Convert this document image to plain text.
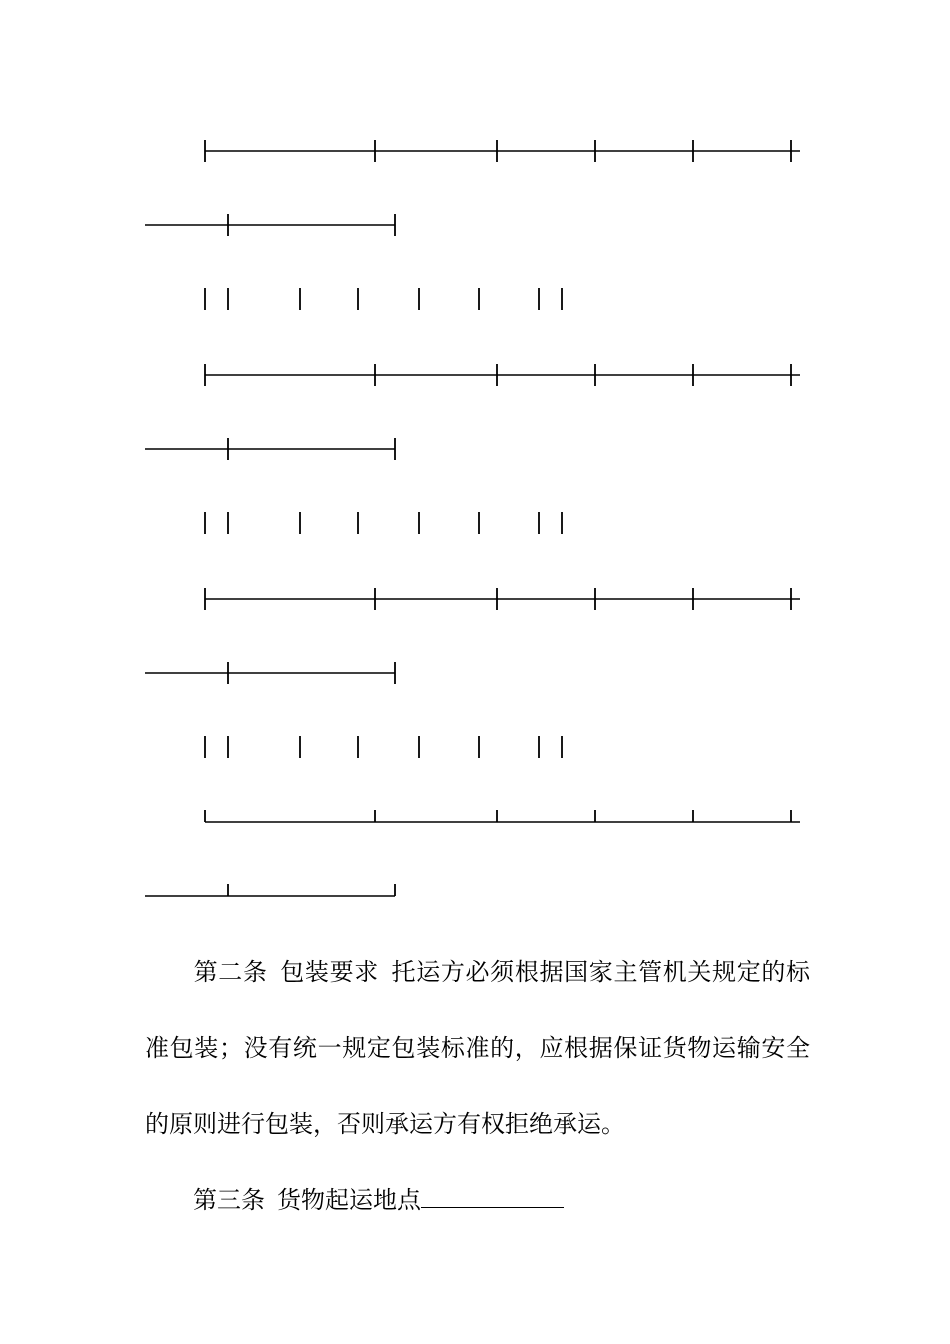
第二条 包装要求 托运方必须根据国家主管机关规定的标准包装；没有统一规定包装标准的，应根据保证货物运输安全的原则进行包装，否则承运方有权拒绝承运。

第三条 货物起运地点
